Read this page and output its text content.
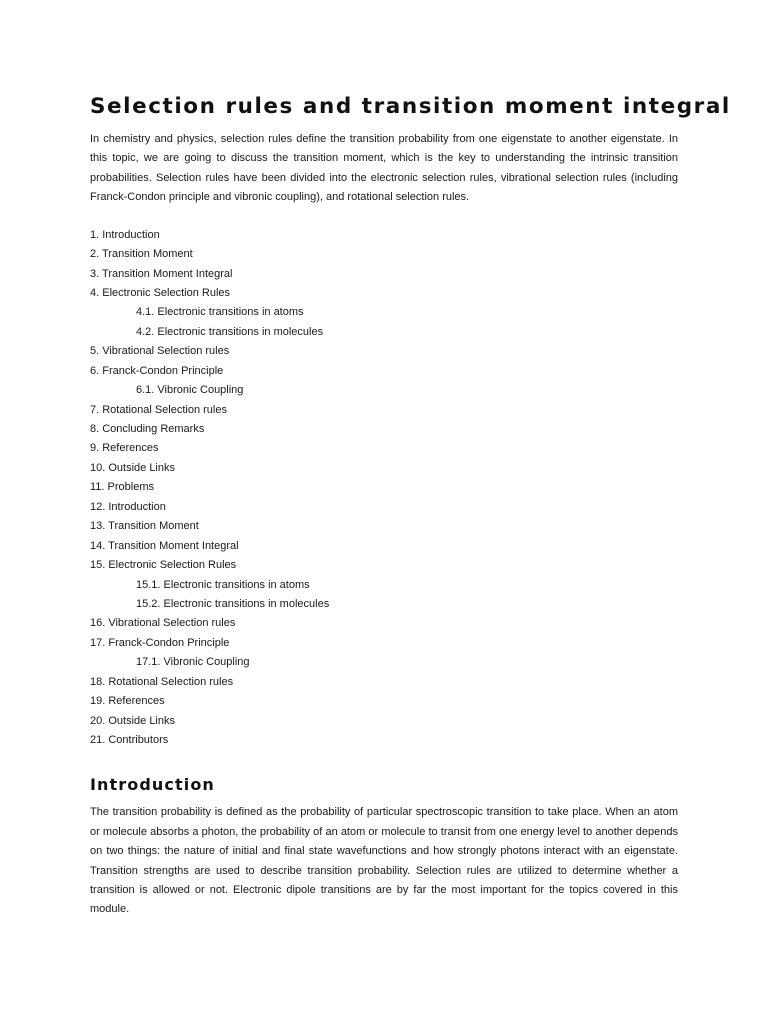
Selection rules and transition moment integral

In chemistry and physics, selection rules define the transition probability from one eigenstate to another eigenstate. In this topic, we are going to discuss the transition moment, which is the key to understanding the intrinsic transition probabilities. Selection rules have been divided into the electronic selection rules, vibrational selection rules (including Franck-Condon principle and vibronic coupling), and rotational selection rules.

1. Introduction
2. Transition Moment
3. Transition Moment Integral
4. Electronic Selection Rules
4.1. Electronic transitions in atoms
4.2. Electronic transitions in molecules
5. Vibrational Selection rules
6. Franck-Condon Principle
6.1. Vibronic Coupling
7. Rotational Selection rules
8. Concluding Remarks
9. References
10. Outside Links
11. Problems
12. Introduction
13. Transition Moment
14. Transition Moment Integral
15. Electronic Selection Rules
15.1. Electronic transitions in atoms
15.2. Electronic transitions in molecules
16. Vibrational Selection rules
17. Franck-Condon Principle
17.1. Vibronic Coupling
18. Rotational Selection rules
19. References
20. Outside Links
21. Contributors
Introduction

The transition probability is defined as the probability of particular spectroscopic transition to take place. When an atom or molecule absorbs a photon, the probability of an atom or molecule to transit from one energy level to another depends on two things: the nature of initial and final state wavefunctions and how strongly photons interact with an eigenstate. Transition strengths are used to describe transition probability. Selection rules are utilized to determine whether a transition is allowed or not. Electronic dipole transitions are by far the most important for the topics covered in this module.
